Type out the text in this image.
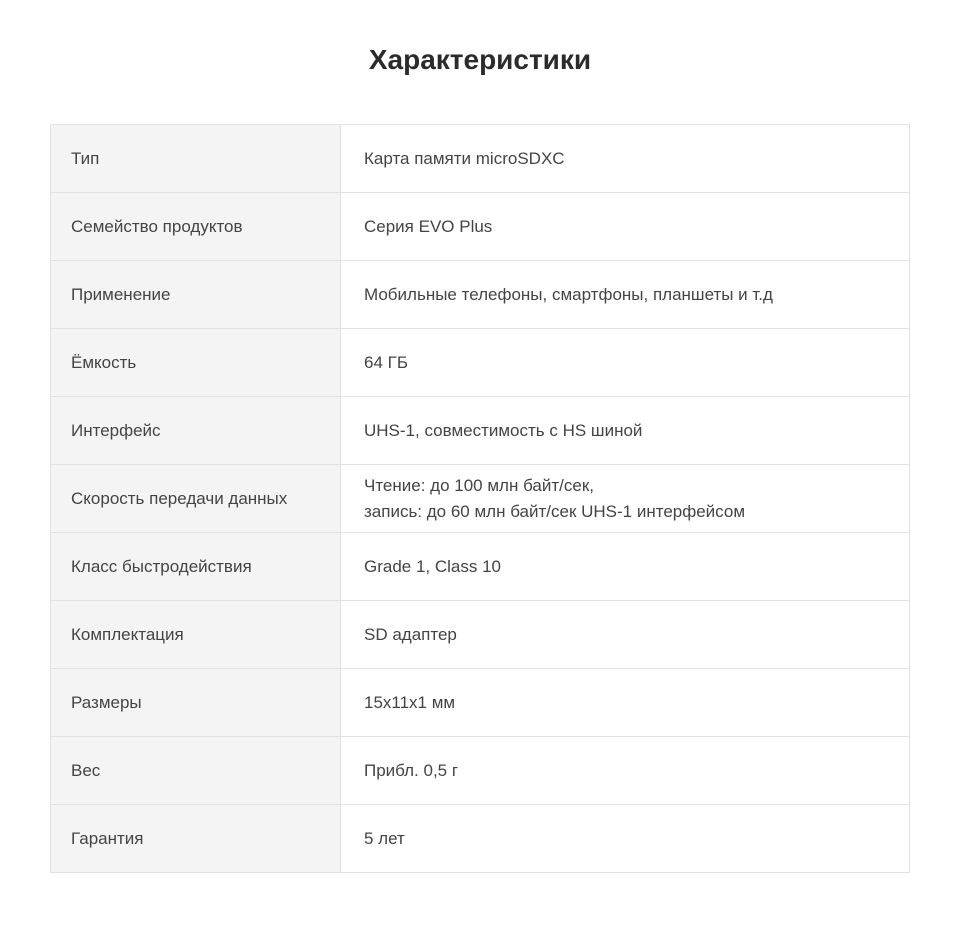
Характеристики
Тип	Карта памяти microSDXC
Семейство продуктов	Серия EVO Plus
Применение	Мобильные телефоны, смартфоны, планшеты и т.д
Ёмкость	64 ГБ
Интерфейс	UHS-1, совместимость с HS шиной
Скорость передачи данных	Чтение: до 100 млн байт/сек,
запись: до 60 млн байт/сек UHS-1 интерфейсом

Класс быстродействия	Grade 1, Class 10
Комплектация	SD адаптер
Размеры	15x11x1 мм
Вес	Прибл. 0,5 г
Гарантия	5 лет
